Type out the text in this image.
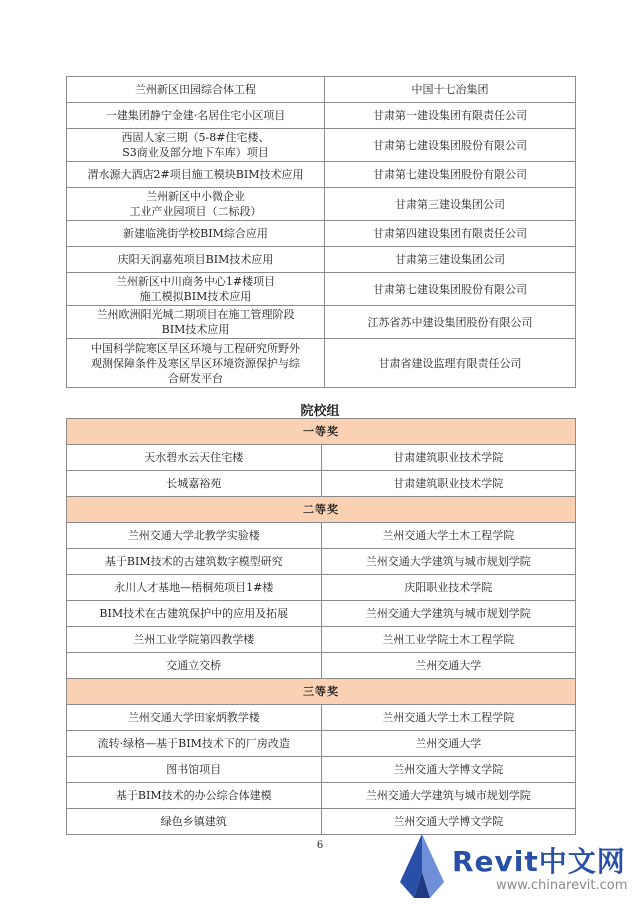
兰州新区田园综合体工程	中国十七冶集团
一建集团静宁金建·名居住宅小区项目	甘肃第一建设集团有限责任公司
西固人家三期（5-8#住宅楼、
S3商业及部分地下车库）项目	甘肃第七建设集团股份有限公司
渭水源大酒店2#项目施工模块BIM技术应用	甘肃第七建设集团股份有限公司
兰州新区中小微企业
工业产业园项目（二标段）	甘肃第三建设集团公司
新建临洮街学校BIM综合应用	甘肃第四建设集团有限责任公司
庆阳天润嘉苑项目BIM技术应用	甘肃第三建设集团公司
兰州新区中川商务中心1#楼项目
施工模拟BIM技术应用	甘肃第七建设集团股份有限公司
兰州欧洲阳光城二期项目在施工管理阶段
BIM技术应用	江苏省苏中建设集团股份有限公司
中国科学院寒区旱区环境与工程研究所野外
观测保障条件及寒区旱区环境资源保护与综
合研发平台	甘肃省建设监理有限责任公司
院校组
一等奖	
天水碧水云天住宅楼	甘肃建筑职业技术学院
长城嘉裕苑	甘肃建筑职业技术学院
二等奖	
兰州交通大学北教学实验楼	兰州交通大学土木工程学院
基于BIM技术的古建筑数字模型研究	兰州交通大学建筑与城市规划学院
永川人才基地—梧桐苑项目1#楼	庆阳职业技术学院
BIM技术在古建筑保护中的应用及拓展	兰州交通大学建筑与城市规划学院
兰州工业学院第四教学楼	兰州工业学院土木工程学院
交通立交桥	兰州交通大学
三等奖	
兰州交通大学田家炳教学楼	兰州交通大学土木工程学院
流转·绿格—基于BIM技术下的厂房改造	兰州交通大学
图书馆项目	兰州交通大学博文学院
基于BIM技术的办公综合体建模	兰州交通大学建筑与城市规划学院
绿色乡镇建筑	兰州交通大学博文学院
6	Revit中文网
www.chinarevit.com
